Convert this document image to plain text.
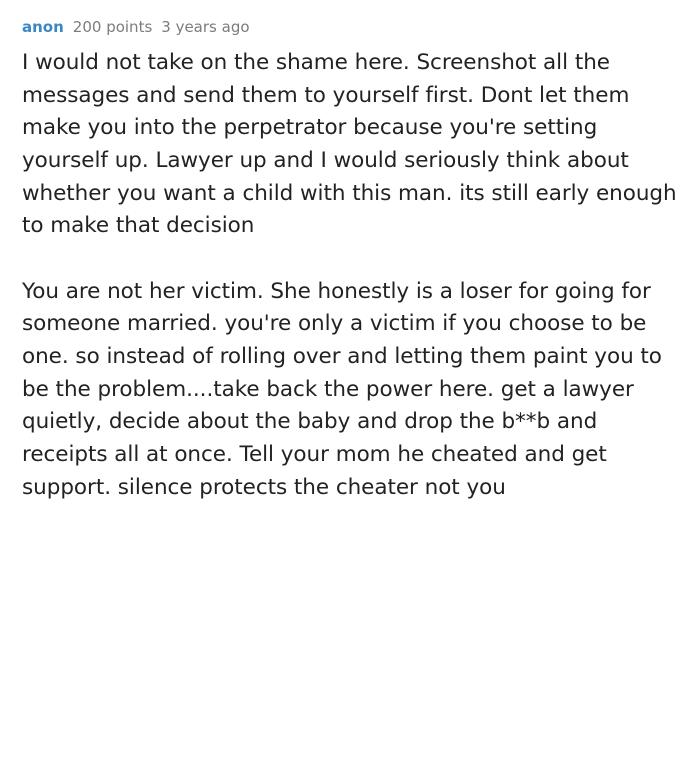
anon 200 points 3 years ago

I would not take on the shame here. Screenshot all the messages and send them to yourself first. Dont let them make you into the perpetrator because you're setting yourself up. Lawyer up and I would seriously think about whether you want a child with this man. its still early enough to make that decision

You are not her victim. She honestly is a loser for going for someone married. you're only a victim if you choose to be one. so instead of rolling over and letting them paint you to be the problem....take back the power here. get a lawyer quietly, decide about the baby and drop the b**b and receipts all at once. Tell your mom he cheated and get support. silence protects the cheater not you
